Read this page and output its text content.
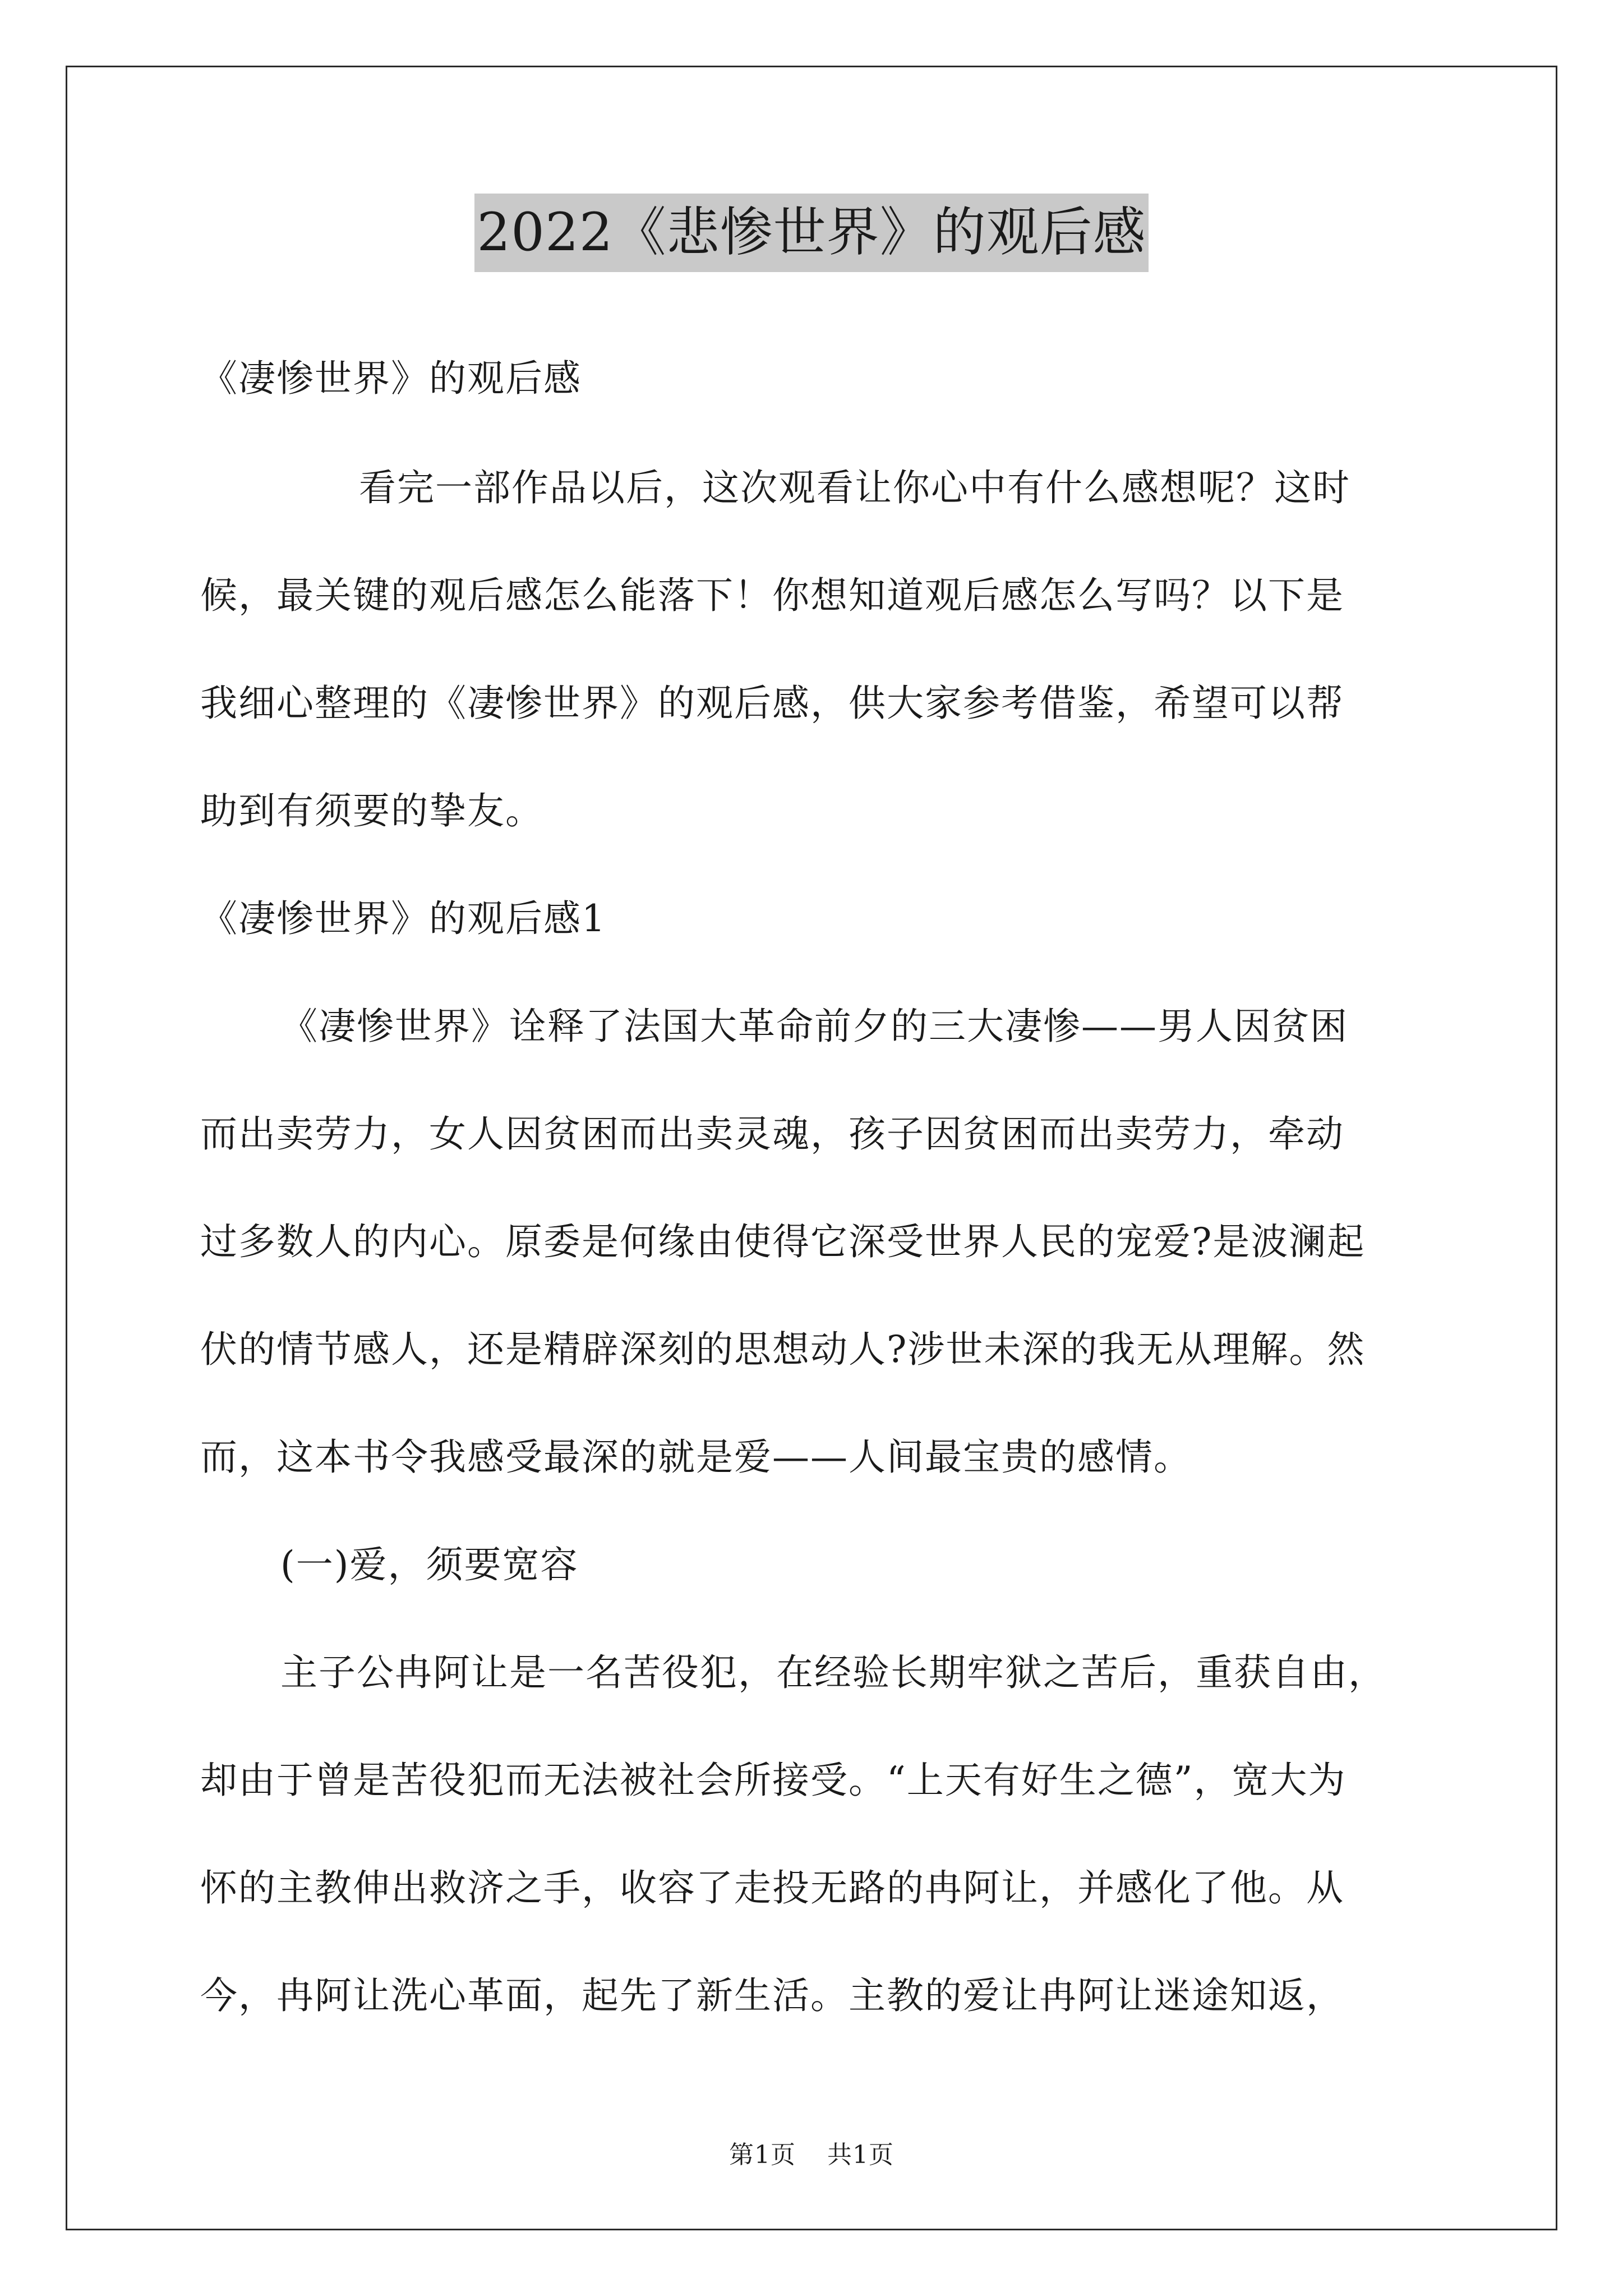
2022《悲惨世界》的观后感
《凄惨世界》的观后感
看完一部作品以后，这次观看让你心中有什么感想呢？这时
候，最关键的观后感怎么能落下！你想知道观后感怎么写吗？以下是
我细心整理的《凄惨世界》的观后感，供大家参考借鉴，希望可以帮
助到有须要的挚友。
《凄惨世界》的观后感1
《凄惨世界》诠释了法国大革命前夕的三大凄惨——男人因贫困
而出卖劳力，女人因贫困而出卖灵魂，孩子因贫困而出卖劳力，牵动
过多数人的内心。原委是何缘由使得它深受世界人民的宠爱?是波澜起
伏的情节感人，还是精辟深刻的思想动人?涉世未深的我无从理解。然
而，这本书令我感受最深的就是爱——人间最宝贵的感情。
(一)爱，须要宽容
主子公冉阿让是一名苦役犯，在经验长期牢狱之苦后，重获自由，
却由于曾是苦役犯而无法被社会所接受。“上天有好生之德”，宽大为
怀的主教伸出救济之手，收容了走投无路的冉阿让，并感化了他。从
今，冉阿让洗心革面，起先了新生活。主教的爱让冉阿让迷途知返，
第1页 共1页
